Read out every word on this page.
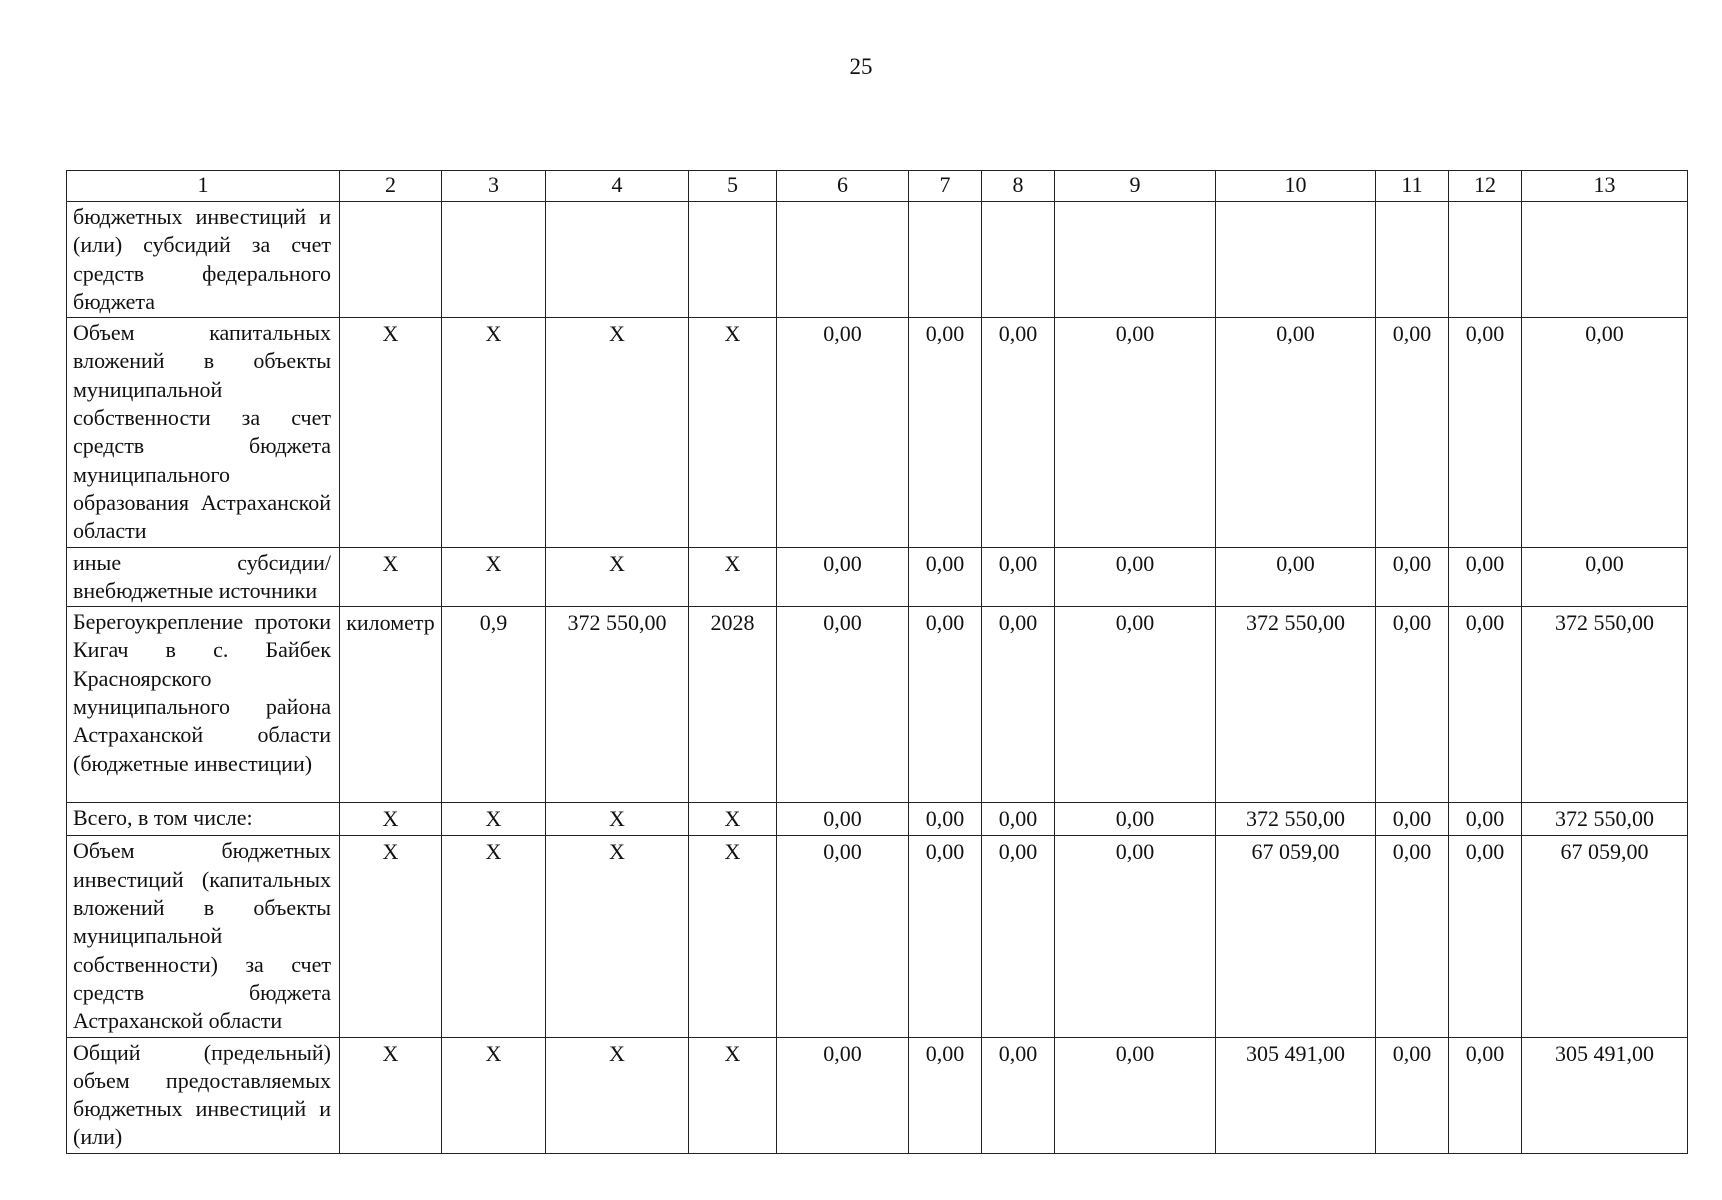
25
1	2	3	4	5	6	7	8	9	10	11	12	13
бюджетных инвестиций и (или) субсидий за счет средств федерального бюджета												
Объем капитальных вложений в объекты муниципальной собственности за счет средств бюджета муниципального образования Астраханской области	X	X	X	X	0,00	0,00	0,00	0,00	0,00	0,00	0,00	0,00
иные субсидии/ внебюджетные источники	X	X	X	X	0,00	0,00	0,00	0,00	0,00	0,00	0,00	0,00
Берегоукрепление протоки Кигач в с. Байбек Красноярского муниципального района Астраханской области (бюджетные инвестиции)	километр	0,9	372 550,00	2028	0,00	0,00	0,00	0,00	372 550,00	0,00	0,00	372 550,00
Всего, в том числе:	X	X	X	X	0,00	0,00	0,00	0,00	372 550,00	0,00	0,00	372 550,00
Объем бюджетных инвестиций (капитальных вложений в объекты муниципальной собственности) за счет средств бюджета Астраханской области	X	X	X	X	0,00	0,00	0,00	0,00	67 059,00	0,00	0,00	67 059,00
Общий (предельный) объем предоставляемых бюджетных инвестиций и (или)	X	X	X	X	0,00	0,00	0,00	0,00	305 491,00	0,00	0,00	305 491,00
